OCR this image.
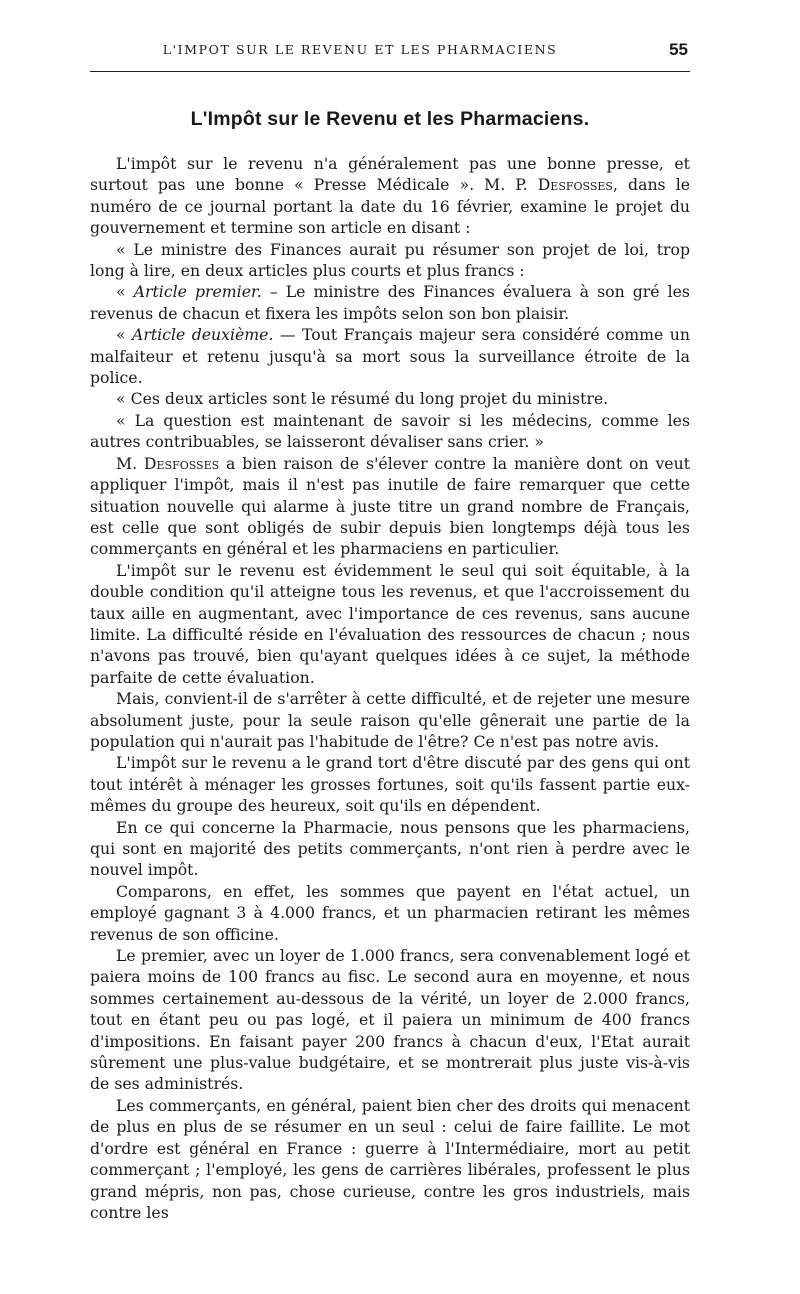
L'IMPOT SUR LE REVENU ET LES PHARMACIENS	55
L'Impôt sur le Revenu et les Pharmaciens.

L'impôt sur le revenu n'a généralement pas une bonne presse, et surtout pas une bonne « Presse Médicale ». M. P. Desfosses, dans le numéro de ce journal portant la date du 16 février, examine le projet du gouvernement et termine son article en disant :

« Le ministre des Finances aurait pu résumer son projet de loi, trop long à lire, en deux articles plus courts et plus francs :

« Article premier. – Le ministre des Finances évaluera à son gré les revenus de chacun et fixera les impôts selon son bon plaisir.

« Article deuxième. — Tout Français majeur sera considéré comme un malfaiteur et retenu jusqu'à sa mort sous la surveillance étroite de la police.

« Ces deux articles sont le résumé du long projet du ministre.

« La question est maintenant de savoir si les médecins, comme les autres contribuables, se laisseront dévaliser sans crier. »

M. Desfosses a bien raison de s'élever contre la manière dont on veut appliquer l'impôt, mais il n'est pas inutile de faire remarquer que cette situation nouvelle qui alarme à juste titre un grand nombre de Français, est celle que sont obligés de subir depuis bien longtemps déjà tous les commerçants en général et les pharmaciens en particulier.

L'impôt sur le revenu est évidemment le seul qui soit équitable, à la double condition qu'il atteigne tous les revenus, et que l'accroissement du taux aille en augmentant, avec l'importance de ces revenus, sans aucune limite. La difficulté réside en l'évaluation des ressources de chacun ; nous n'avons pas trouvé, bien qu'ayant quelques idées à ce sujet, la méthode parfaite de cette évaluation.

Mais, convient-il de s'arrêter à cette difficulté, et de rejeter une mesure absolument juste, pour la seule raison qu'elle gênerait une partie de la population qui n'aurait pas l'habitude de l'être? Ce n'est pas notre avis.

L'impôt sur le revenu a le grand tort d'être discuté par des gens qui ont tout intérêt à ménager les grosses fortunes, soit qu'ils fassent partie eux-mêmes du groupe des heureux, soit qu'ils en dépendent.

En ce qui concerne la Pharmacie, nous pensons que les pharmaciens, qui sont en majorité des petits commerçants, n'ont rien à perdre avec le nouvel impôt.

Comparons, en effet, les sommes que payent en l'état actuel, un employé gagnant 3 à 4.000 francs, et un pharmacien retirant les mêmes revenus de son officine.

Le premier, avec un loyer de 1.000 francs, sera convenablement logé et paiera moins de 100 francs au fisc. Le second aura en moyenne, et nous sommes certainement au-dessous de la vérité, un loyer de 2.000 francs, tout en étant peu ou pas logé, et il paiera un minimum de 400 francs d'impositions. En faisant payer 200 francs à chacun d'eux, l'Etat aurait sûrement une plus-value budgétaire, et se montrerait plus juste vis-à-vis de ses administrés.

Les commerçants, en général, paient bien cher des droits qui menacent de plus en plus de se résumer en un seul : celui de faire faillite. Le mot d'ordre est général en France : guerre à l'Intermédiaire, mort au petit commerçant ; l'employé, les gens de carrières libérales, professent le plus grand mépris, non pas, chose curieuse, contre les gros industriels, mais contre les
